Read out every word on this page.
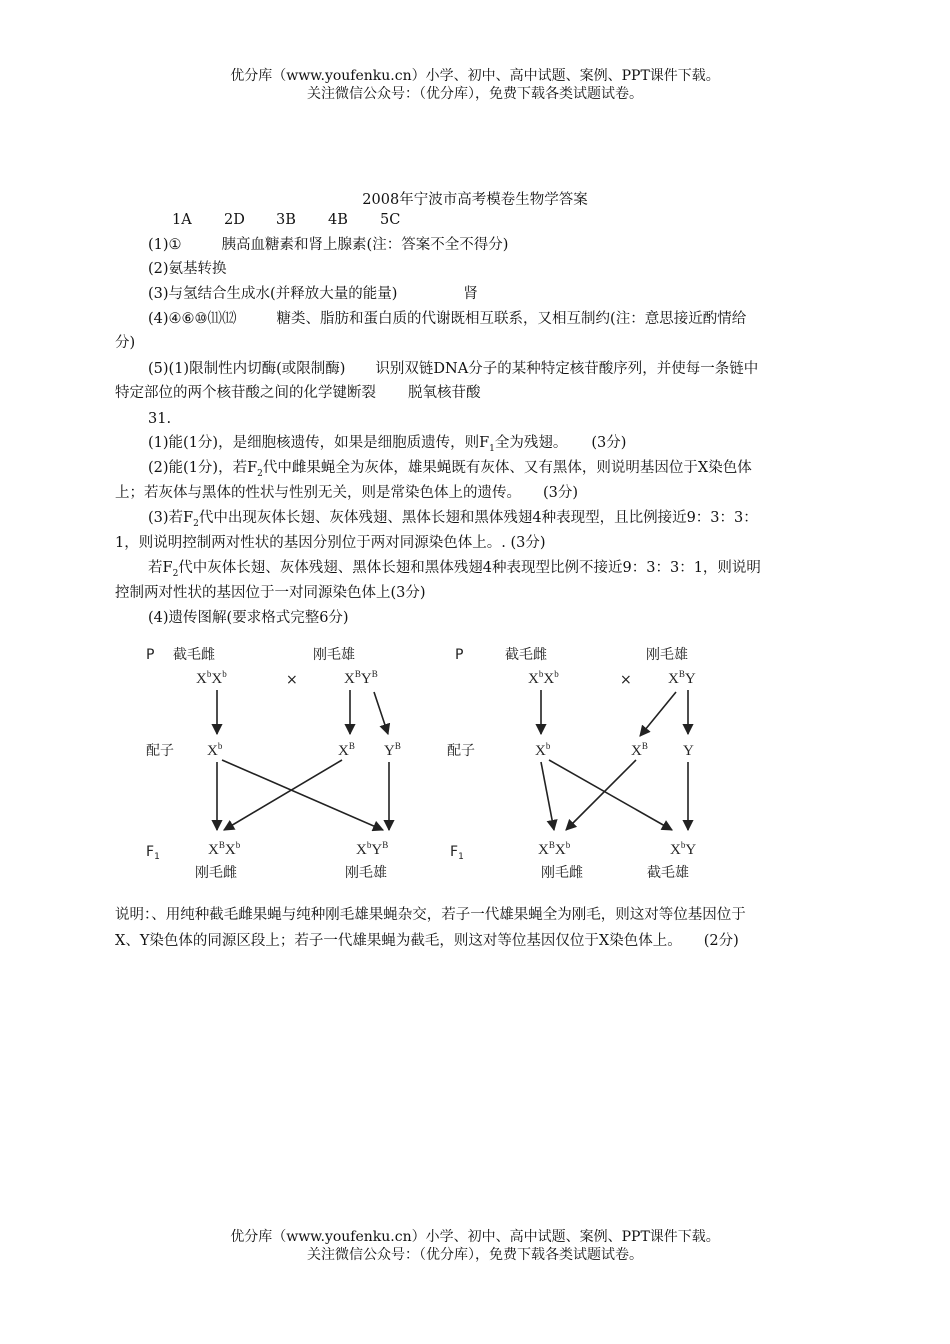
优分库（www.youfenku.cn）小学、初中、高中试题、案例、PPT课件下载。
关注微信公众号：（优分库），免费下载各类试题试卷。
2008年宁波市高考模卷生物学答案
1A 2D 3B 4B 5C
(1)①	胰高血糖素和肾上腺素(注：答案不全不得分)
(2)氨基转换
(3)与氢结合生成水(并释放大量的能量)	肾
(4)④⑥⑩⑾⑿	糖类、脂肪和蛋白质的代谢既相互联系，又相互制约(注：意思接近酌情给
分)
(5)(1)限制性内切酶(或限制酶) 识别双链DNA分子的某种特定核苷酸序列，并使每一条链中
特定部位的两个核苷酸之间的化学键断裂 脱氧核苷酸
31.
(1)能(1分)，是细胞核遗传，如果是细胞质遗传，则$F_1$全为残翅。 (3分)
(2)能(1分)，若$F_2$代中雌果蝇全为灰体，雄果蝇既有灰体、又有黑体，则说明基因位于X染色体
上；若灰体与黑体的性状与性别无关，则是常染色体上的遗传。 (3分)
(3)若$F_2$代中出现灰体长翅、灰体残翅、黑体长翅和黑体残翅4种表现型，且比例接近9：3：3：
1，则说明控制两对性状的基因分别位于两对同源染色体上。. (3分)
若$F_2$代中灰体长翅、灰体残翅、黑体长翅和黑体残翅4种表现型比例不接近9：3：3：1，则说明
控制两对性状的基因位于一对同源染色体上(3分)
(4)遗传图解(要求格式完整6分)
P 截毛雌	刚毛雄
$X^bX^b$	×	$X^BY^B$
配子 $X^b$	$X^B$ $Y^B$
$F_1$	$X^BX^b$	$X^bY^B$
刚毛雌	刚毛雄
P	截毛雌	刚毛雄
$X^bX^b$	× $X^BY$
配子	$X^b$	$X^B$ Y
$F_1$	$X^BX^b$	$X^bY$
刚毛雌	截毛雄
说明：、用纯种截毛雌果蝇与纯种刚毛雄果蝇杂交，若子一代雄果蝇全为刚毛，则这对等位基因位于
X、Y染色体的同源区段上；若子一代雄果蝇为截毛，则这对等位基因仅位于X染色体上。 (2分)
优分库（www.youfenku.cn）小学、初中、高中试题、案例、PPT课件下载。
关注微信公众号：（优分库），免费下载各类试题试卷。
